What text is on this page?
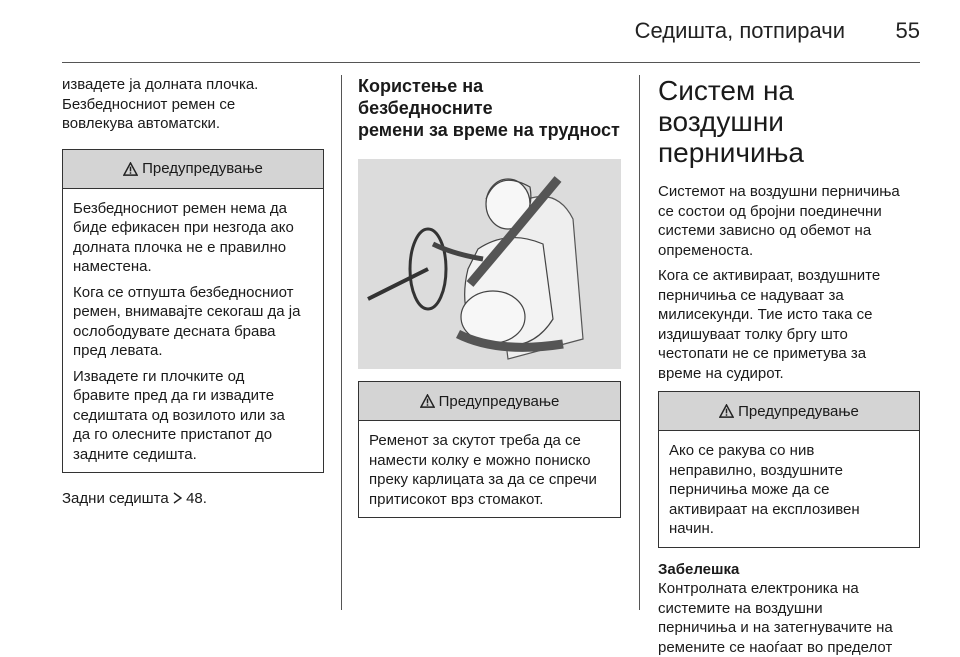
Седишта, потпирачи 55

извадете ја долната плочка.
Безбедносниот ремен се
вовлекува автоматски.

Предупредување

Безбедносниот ремен нема да
биде ефикасен при незгода ако
долната плочка не е правилно
наместена.

Кога се отпушта безбедносниот
ремен, внимавајте секогаш да ја
ослободувате десната брава
пред левата.

Извадете ги плочките од
бравите пред да ги извадите
седиштата од возилото или за
да го олесните пристапот до
задните седишта.

Задни седишта 48.

Користење на безбедносните
ремени за време на трудност
Предупредување

Ременот за скутот треба да се
намести колку е можно пониско
преку карлицата за да се спречи
притисокот врз стомакот.

Систем на воздушни
перничиња

Системот на воздушни перничиња
се состои од бројни поединечни
системи зависно од обемот на
опременоста.

Кога се активираат, воздушните
перничиња се надуваат за
милисекунди. Тие исто така се
издишуваат толку бргу што
честопати не се приметува за
време на судирот.

Предупредување

Ако се ракува со нив
неправилно, воздушните
перничиња може да се
активираат на експлозивен
начин.

Забелешка

Контролната електроника на
системите на воздушни
перничиња и на затегнувачите на
ремените се наоѓаат во пределот
